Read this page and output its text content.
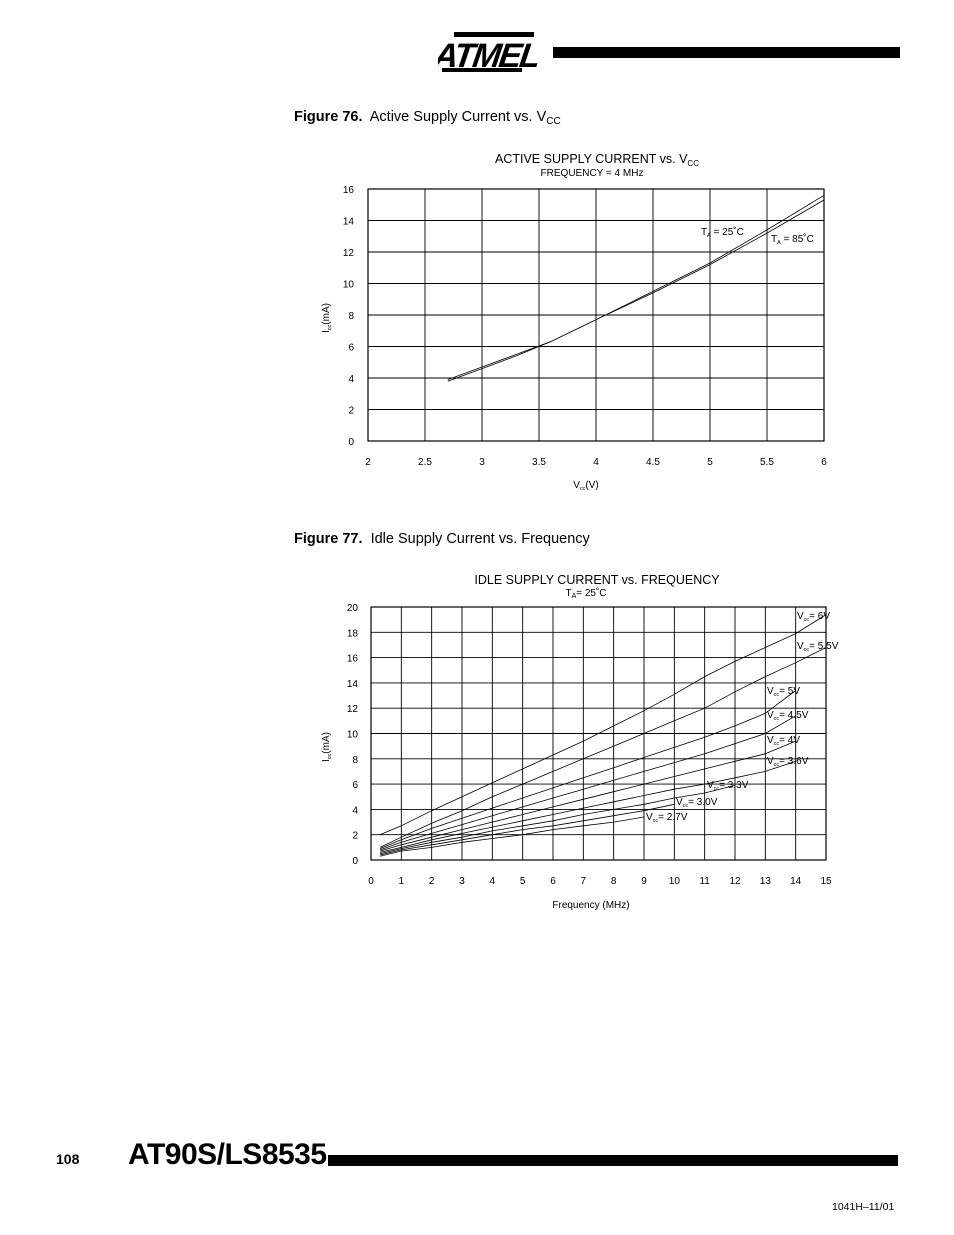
ATMEL
Figure 76. Active Supply Current vs. $V_{CC}$
ACTIVE SUPPLY CURRENT vs. $V_{CC}$
FREQUENCY = 4 MHz
2	2.5	3	3.5	4	4.5	5	5.5	6
0
2
4
6
8
10
12
14
16
$V_{cc}(V)$
$I_{cc}(mA)$
$T_A$ = 25˚C
$T_A$ = 85˚C
Figure 77. Idle Supply Current vs. Frequency
IDLE SUPPLY CURRENT vs. FREQUENCY
$T_A=$ 25˚C
0 1 2 3 4 5 6 7 8 9 10 11 12 13 14 15
0
2
4
6
8
10
12
14
16
18
20
$V_{cc}= 6V$
$V_{cc}= 5.5V$
$V_{cc}= 5V$
$V_{cc}= 4.5V$
$V_{cc}= 4V$
$V_{cc}= 3.6V$
$V_{cc}= 3.3V$
$V_{cc}= 3.0V$
$V_{cc}= 2.7V$
Frequency (MHz)
$I_{cc}(mA)$
108 AT90S/LS8535
1041H–11/01
